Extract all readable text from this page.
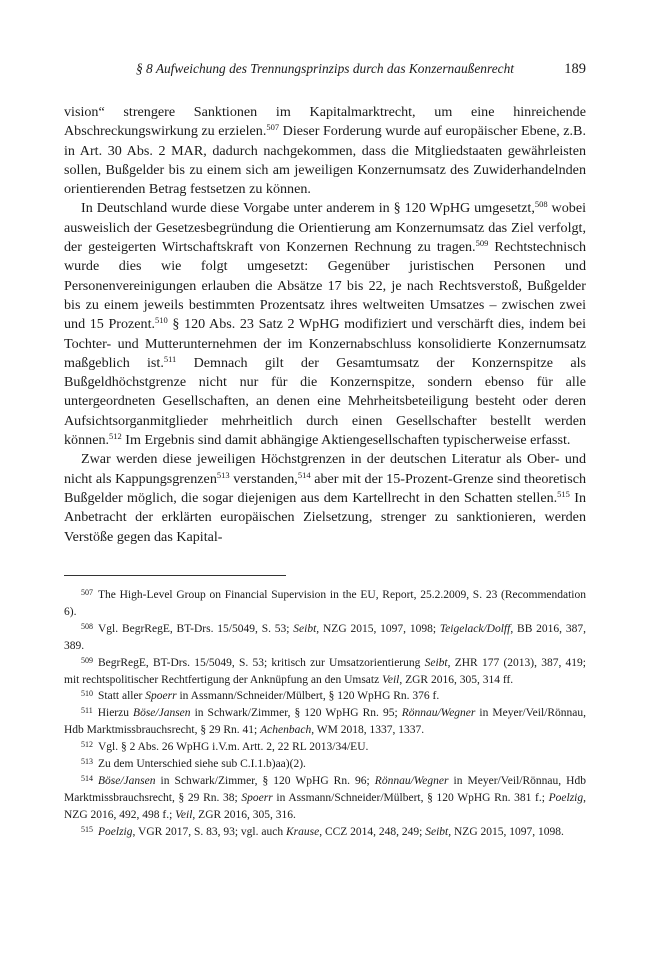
§ 8 Aufweichung des Trennungsprinzips durch das Konzernaußenrecht	189

vision“ strengere Sanktionen im Kapitalmarktrecht, um eine hinreichende Abschreckungswirkung zu erzielen.$^{507}$ Dieser Forderung wurde auf europäischer Ebene, z.B. in Art. 30 Abs. 2 MAR, dadurch nachgekommen, dass die Mitgliedstaaten gewährleisten sollen, Bußgelder bis zu einem sich am jeweiligen Konzernumsatz des Zuwiderhandelnden orientierenden Betrag festsetzen zu können.

In Deutschland wurde diese Vorgabe unter anderem in § 120 WpHG umgesetzt,$^{508}$ wobei ausweislich der Gesetzesbegründung die Orientierung am Konzernumsatz das Ziel verfolgt, der gesteigerten Wirtschaftskraft von Konzernen Rechnung zu tragen.$^{509}$ Rechtstechnisch wurde dies wie folgt umgesetzt: Gegenüber juristischen Personen und Personenvereinigungen erlauben die Absätze 17 bis 22, je nach Rechtsverstoß, Bußgelder bis zu einem jeweils bestimmten Prozentsatz ihres weltweiten Umsatzes – zwischen zwei und 15 Prozent.$^{510}$ § 120 Abs. 23 Satz 2 WpHG modifiziert und verschärft dies, indem bei Tochter- und Mutterunternehmen der im Konzernabschluss konsolidierte Konzernumsatz maßgeblich ist.$^{511}$ Demnach gilt der Gesamtumsatz der Konzernspitze als Bußgeldhöchstgrenze nicht nur für die Konzernspitze, sondern ebenso für alle untergeordneten Gesellschaften, an denen eine Mehrheitsbeteiligung besteht oder deren Aufsichtsorganmitglieder mehrheitlich durch einen Gesellschafter bestellt werden können.$^{512}$ Im Ergebnis sind damit abhängige Aktiengesellschaften typischerweise erfasst.

Zwar werden diese jeweiligen Höchstgrenzen in der deutschen Literatur als Ober- und nicht als Kappungsgrenzen$^{513}$ verstanden,$^{514}$ aber mit der 15-Prozent-Grenze sind theoretisch Bußgelder möglich, die sogar diejenigen aus dem Kartellrecht in den Schatten stellen.$^{515}$ In Anbetracht der erklärten europäischen Zielsetzung, strenger zu sanktionieren, werden Verstöße gegen das Kapital-

$^{507}$ The High-Level Group on Financial Supervision in the EU, Report, 25.2.2009, S. 23 (Recommendation 6).

$^{508}$ Vgl. BegrRegE, BT-Drs. 15/5049, S. 53; Seibt, NZG 2015, 1097, 1098; Teigelack/Dolff, BB 2016, 387, 389.

$^{509}$ BegrRegE, BT-Drs. 15/5049, S. 53; kritisch zur Umsatzorientierung Seibt, ZHR 177 (2013), 387, 419; mit rechtspolitischer Rechtfertigung der Anknüpfung an den Umsatz Veil, ZGR 2016, 305, 314 ff.

$^{510}$ Statt aller Spoerr in Assmann/Schneider/Mülbert, § 120 WpHG Rn. 376 f.

$^{511}$ Hierzu Böse/Jansen in Schwark/Zimmer, § 120 WpHG Rn. 95; Rönnau/Wegner in Meyer/Veil/Rönnau, Hdb Marktmissbrauchsrecht, § 29 Rn. 41; Achenbach, WM 2018, 1337, 1337.

$^{512}$ Vgl. § 2 Abs. 26 WpHG i.V.m. Artt. 2, 22 RL 2013/34/EU.

$^{513}$ Zu dem Unterschied siehe sub C.I.1.b)aa)(2).

$^{514}$ Böse/Jansen in Schwark/Zimmer, § 120 WpHG Rn. 96; Rönnau/Wegner in Meyer/Veil/Rönnau, Hdb Marktmissbrauchsrecht, § 29 Rn. 38; Spoerr in Assmann/Schneider/Mülbert, § 120 WpHG Rn. 381 f.; Poelzig, NZG 2016, 492, 498 f.; Veil, ZGR 2016, 305, 316.

$^{515}$ Poelzig, VGR 2017, S. 83, 93; vgl. auch Krause, CCZ 2014, 248, 249; Seibt, NZG 2015, 1097, 1098.
